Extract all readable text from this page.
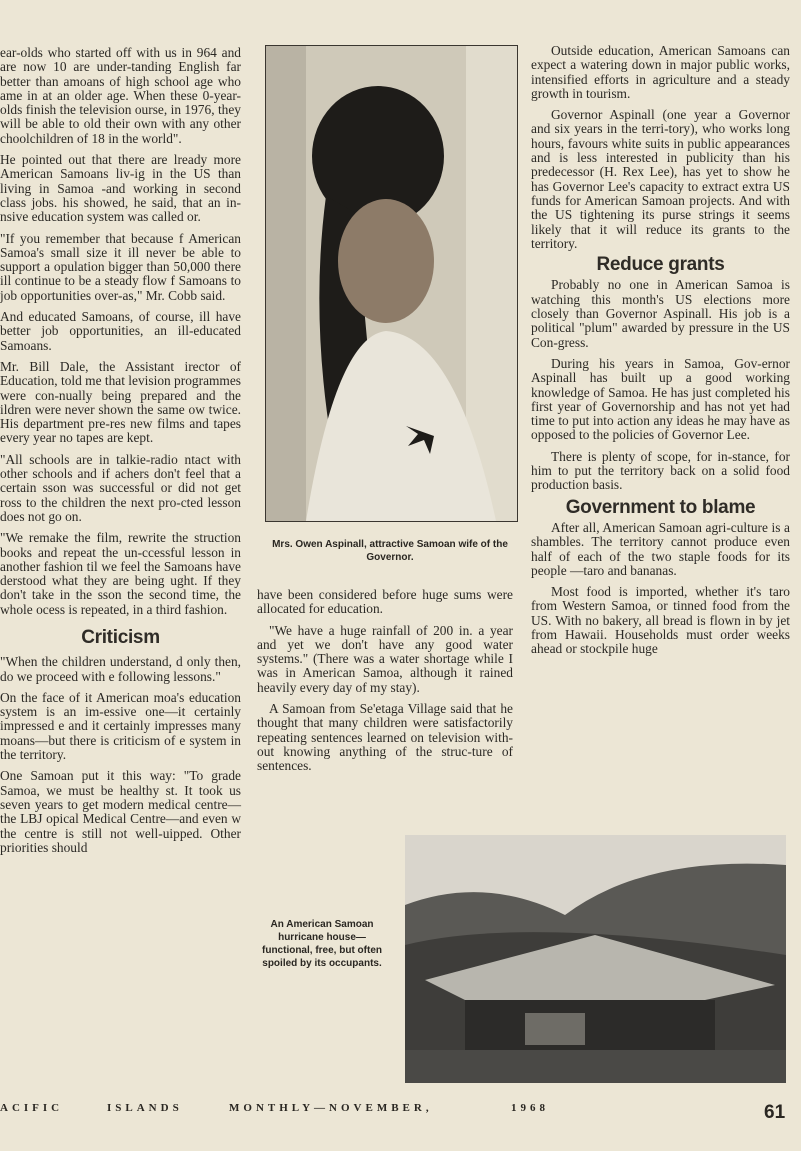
ear-olds who started off with us in 964 and are now 10 are under-tanding English far better than amoans of high school age who ame in at an older age. When these 0-year-olds finish the television ourse, in 1976, they will be able to old their own with any other choolchildren of 18 in the world".

He pointed out that there are lready more American Samoans liv-ig in the US than living in Samoa -and working in second class jobs. his showed, he said, that an in-nsive education system was called or.

"If you remember that because f American Samoa's small size it ill never be able to support a opulation bigger than 50,000 there ill continue to be a steady flow f Samoans to job opportunities over-as," Mr. Cobb said.

And educated Samoans, of course, ill have better job opportunities, an ill-educated Samoans.

Mr. Bill Dale, the Assistant irector of Education, told me that levision programmes were con-nually being prepared and the ildren were never shown the same ow twice. His department pre-res new films and tapes every year no tapes are kept.

"All schools are in talkie-radio ntact with other schools and if achers don't feel that a certain sson was successful or did not get ross to the children the next pro-cted lesson does not go on.

"We remake the film, rewrite the struction books and repeat the un-ccessful lesson in another fashion til we feel the Samoans have derstood what they are being ught. If they don't take in the sson the second time, the whole ocess is repeated, in a third fashion.

Criticism

"When the children understand, d only then, do we proceed with e following lessons."

On the face of it American moa's education system is an im-essive one—it certainly impressed e and it certainly impresses many moans—but there is criticism of e system in the territory.

One Samoan put it this way: "To grade Samoa, we must be healthy st. It took us seven years to get modern medical centre—the LBJ opical Medical Centre—and even w the centre is still not well-uipped. Other priorities should

Mrs. Owen Aspinall, attractive Samoan wife of the Governor.

have been considered before huge sums were allocated for education.

"We have a huge rainfall of 200 in. a year and yet we don't have any good water systems." (There was a water shortage while I was in American Samoa, although it rained heavily every day of my stay).

A Samoan from Se'etaga Village said that he thought that many children were satisfactorily repeating sentences learned on television with-out knowing anything of the struc-ture of sentences.

Outside education, American Samoans can expect a watering down in major public works, intensified efforts in agriculture and a steady growth in tourism.

Governor Aspinall (one year a Governor and six years in the terri-tory), who works long hours, favours white suits in public appearances and is less interested in publicity than his predecessor (H. Rex Lee), has yet to show he has Governor Lee's capacity to extract extra US funds for American Samoan projects. And with the US tightening its purse strings it seems likely that it will reduce its grants to the territory.

Reduce grants

Probably no one in American Samoa is watching this month's US elections more closely than Governor Aspinall. His job is a political "plum" awarded by pressure in the US Con-gress.

During his years in Samoa, Gov-ernor Aspinall has built up a good working knowledge of Samoa. He has just completed his first year of Governorship and has not yet had time to put into action any ideas he may have as opposed to the policies of Governor Lee.

There is plenty of scope, for in-stance, for him to put the territory back on a solid food production basis.

Government to blame

After all, American Samoan agri-culture is a shambles. The territory cannot produce even half of each of the two staple foods for its people —taro and bananas.

Most food is imported, whether it's taro from Western Samoa, or tinned food from the US. With no bakery, all bread is flown in by jet from Hawaii. Households must order weeks ahead or stockpile huge

An American Samoan hurricane house— functional, free, but often spoiled by its occupants.
ACIFIC	ISLANDS	MONTHLY—NOVEMBER,	1968	61
